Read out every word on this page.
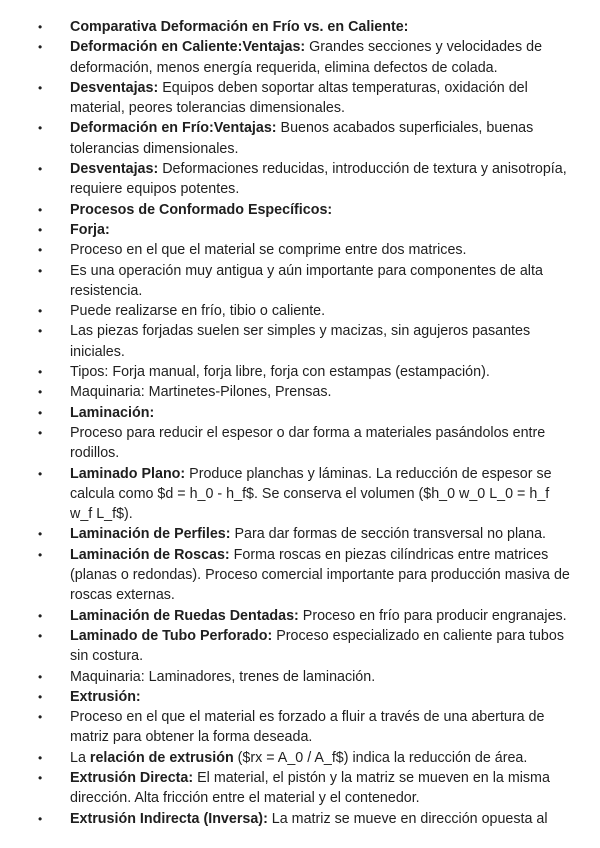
• Comparativa Deformación en Frío vs. en Caliente:
• Deformación en Caliente:Ventajas: Grandes secciones y velocidades de deformación, menos energía requerida, elimina defectos de colada.
• Desventajas: Equipos deben soportar altas temperaturas, oxidación del material, peores tolerancias dimensionales.
• Deformación en Frío:Ventajas: Buenos acabados superficiales, buenas tolerancias dimensionales.
• Desventajas: Deformaciones reducidas, introducción de textura y anisotropía, requiere equipos potentes.
• Procesos de Conformado Específicos:
• Forja:
• Proceso en el que el material se comprime entre dos matrices.
• Es una operación muy antigua y aún importante para componentes de alta resistencia.
• Puede realizarse en frío, tibio o caliente.
• Las piezas forjadas suelen ser simples y macizas, sin agujeros pasantes iniciales.
• Tipos: Forja manual, forja libre, forja con estampas (estampación).
• Maquinaria: Martinetes-Pilones, Prensas.
• Laminación:
• Proceso para reducir el espesor o dar forma a materiales pasándolos entre rodillos.
• Laminado Plano: Produce planchas y láminas. La reducción de espesor se calcula como $d = h_0 - h_f$. Se conserva el volumen ($h_0 w_0 L_0 = h_f w_f L_f$).
• Laminación de Perfiles: Para dar formas de sección transversal no plana.
• Laminación de Roscas: Forma roscas en piezas cilíndricas entre matrices (planas o redondas). Proceso comercial importante para producción masiva de roscas externas.
• Laminación de Ruedas Dentadas: Proceso en frío para producir engranajes.
• Laminado de Tubo Perforado: Proceso especializado en caliente para tubos sin costura.
• Maquinaria: Laminadores, trenes de laminación.
• Extrusión:
• Proceso en el que el material es forzado a fluir a través de una abertura de matriz para obtener la forma deseada.
• La relación de extrusión ($rx = A_0 / A_f$) indica la reducción de área.
• Extrusión Directa: El material, el pistón y la matriz se mueven en la misma dirección. Alta fricción entre el material y el contenedor.
• Extrusión Indirecta (Inversa): La matriz se mueve en dirección opuesta al
